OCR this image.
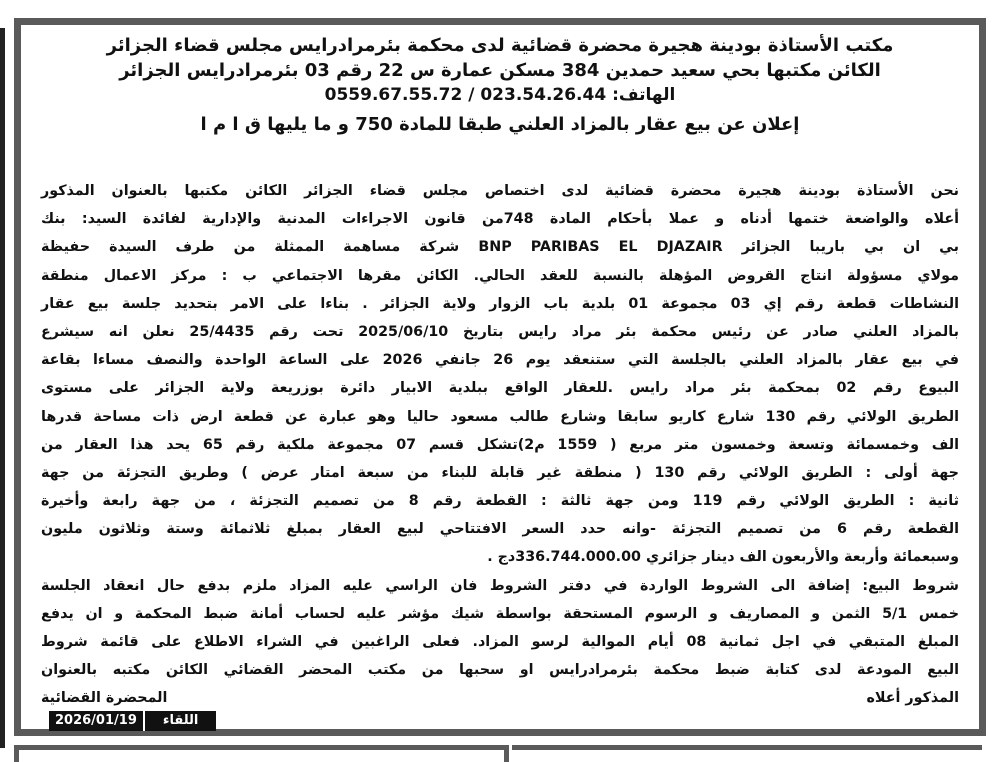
مكتب الأستاذة بودينة هجيرة محضرة قضائية لدى محكمة بئرمرادرايس مجلس قضاء الجزائر
الكائن مكتبها بحي سعيد حمدين 384 مسكن عمارة س 22 رقم 03 بئرمرادرايس الجزائر
الهاتف: 023.54.26.44 / 0559.67.55.72
إعلان عن بيع عقار بالمزاد العلني طبقا للمادة 750 و ما يليها ق ا م ا
نحن الأستاذة بودينة هجيرة محضرة قضائية لدى اختصاص مجلس قضاء الجزائر الكائن مكتبها بالعنوان المذكور
أعلاه والواضعة ختمها أدناه و عملا بأحكام المادة 748من قانون الاجراءات المدنية والإدارية لفائدة السيد: بنك
بي ان بي باريبا الجزائر BNP PARIBAS EL DJAZAIR شركة مساهمة الممثلة من طرف السيدة حفيظة
مولاي مسؤولة انتاج القروض المؤهلة بالنسبة للعقد الحالي. الكائن مقرها الاجتماعي ب : مركز الاعمال منطقة
النشاطات قطعة رقم إي 03 مجموعة 01 بلدية باب الزوار ولاية الجزائر . بناءا على الامر بتحديد جلسة بيع عقار
بالمزاد العلني صادر عن رئيس محكمة بئر مراد رايس بتاريخ 2025/06/10 تحت رقم 25/4435 نعلن انه سيشرع
في بيع عقار بالمزاد العلني بالجلسة التي ستنعقد يوم 26 جانفي 2026 على الساعة الواحدة والنصف مساءا بقاعة
البيوع رقم 02 بمحكمة بئر مراد رايس .للعقار الواقع ببلدية الابيار دائرة بوزريعة ولاية الجزائر على مستوى
الطريق الولائي رقم 130 شارع كاريو سابقا وشارع طالب مسعود حاليا وهو عبارة عن قطعة ارض ذات مساحة قدرها
الف وخمسمائة وتسعة وخمسون متر مربع ( 1559 م2)تشكل قسم 07 مجموعة ملكية رقم 65 يحد هذا العقار من
جهة أولى : الطريق الولائي رقم 130 ( منطقة غير قابلة للبناء من سبعة امتار عرض ) وطريق التجزئة من جهة
ثانية : الطريق الولائي رقم 119 ومن جهة ثالثة : القطعة رقم 8 من تصميم التجزئة ، من جهة رابعة وأخيرة
القطعة رقم 6 من تصميم التجزئة -وانه حدد السعر الافتتاحي لبيع العقار بمبلغ ثلاثمائة وستة وثلاثون مليون
وسبعمائة وأربعة والأربعون الف دينار جزائري 336.744.000.00دج .
شروط البيع: إضافة الى الشروط الواردة في دفتر الشروط فان الراسي عليه المزاد ملزم بدفع حال انعقاد الجلسة
خمس 5/1 الثمن و المصاريف و الرسوم المستحقة بواسطة شيك مؤشر عليه لحساب أمانة ضبط المحكمة و ان يدفع
المبلغ المتبقي في اجل ثمانية 08 أيام الموالية لرسو المزاد. فعلى الراغبين في الشراء الاطلاع على قائمة شروط
البيع المودعة لدى كتابة ضبط محكمة بئرمرادرايس او سحبها من مكتب المحضر القضائي الكائن مكتبه بالعنوان
المذكور أعلاه
المحضرة القضائية
2026/01/19	اللقاء
